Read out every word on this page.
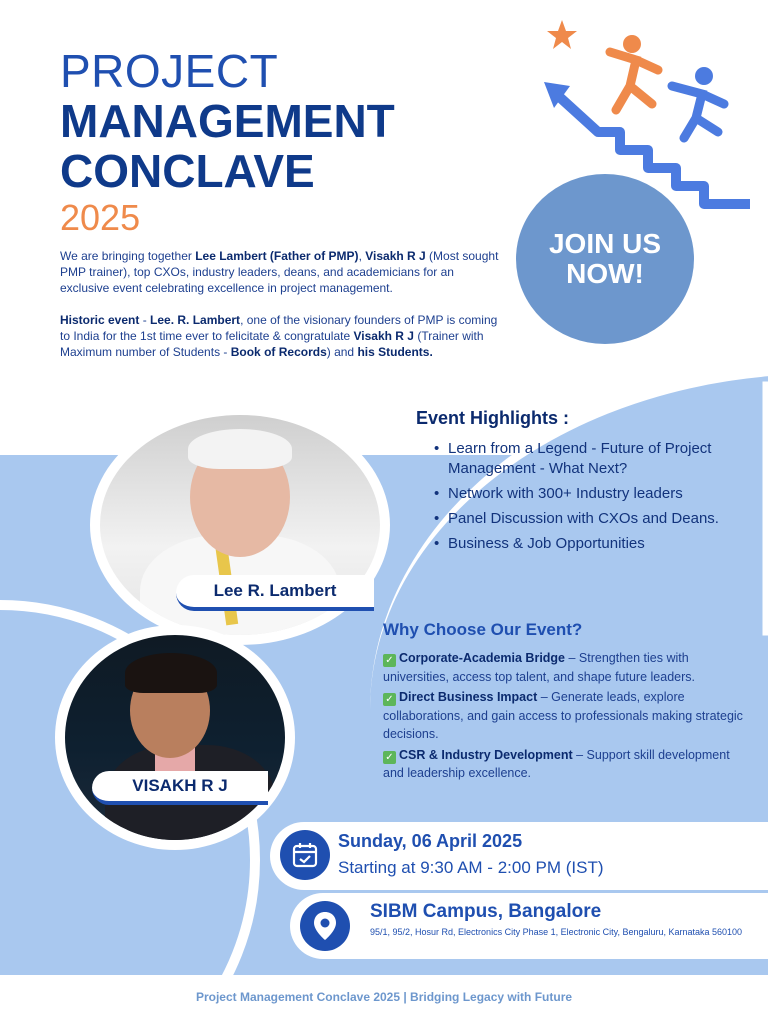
PROJECT
MANAGEMENT
CONCLAVE
2025

We are bringing together Lee Lambert (Father of PMP), Visakh R J (Most sought PMP trainer), top CXOs, industry leaders, deans, and academicians for an exclusive event celebrating excellence in project management.

Historic event - Lee. R. Lambert, one of the visionary founders of PMP is coming to India for the 1st time ever to felicitate & congratulate Visakh R J (Trainer with Maximum number of Students - Book of Records) and his Students.

JOIN US
NOW!
Lee R. Lambert
VISAKH R J
Event Highlights :
• Learn from a Legend - Future of Project Management - What Next?
• Network with 300+ Industry leaders
• Panel Discussion with CXOs and Deans.
• Business & Job Opportunities
Why Choose Our Event?
✓ Corporate-Academia Bridge – Strengthen ties with universities, access top talent, and shape future leaders.
✓ Direct Business Impact – Generate leads, explore collaborations, and gain access to professionals making strategic decisions.
✓ CSR & Industry Development – Support skill development and leadership excellence.
Sunday, 06 April 2025
Starting at 9:30 AM - 2:00 PM (IST)
SIBM Campus, Bangalore
95/1, 95/2, Hosur Rd, Electronics City Phase 1, Electronic City, Bengaluru, Karnataka 560100
Project Management Conclave 2025 | Bridging Legacy with Future
